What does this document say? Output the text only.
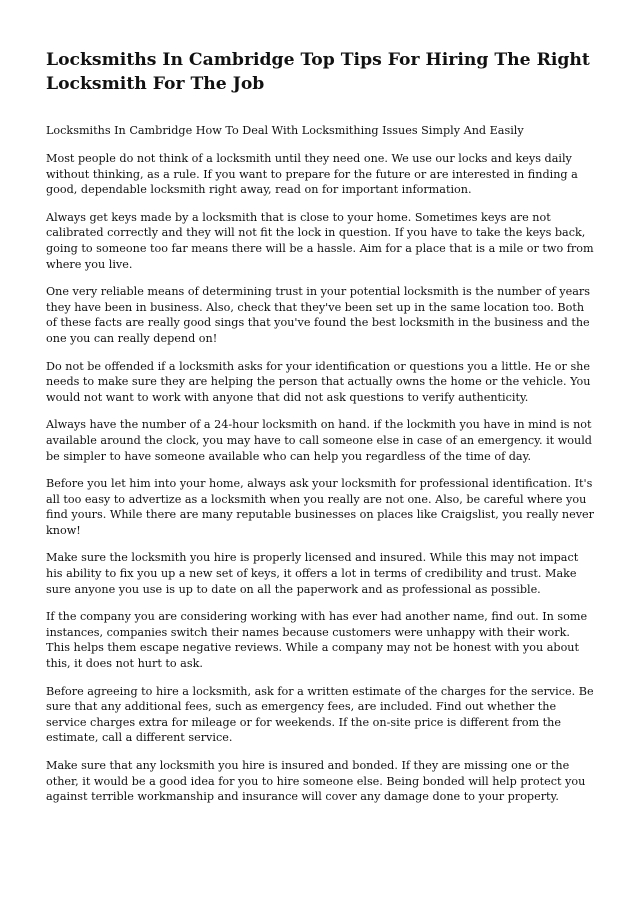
Locksmiths In Cambridge Top Tips For Hiring The Right Locksmith For The Job

Locksmiths In Cambridge How To Deal With Locksmithing Issues Simply And Easily

Most people do not think of a locksmith until they need one. We use our locks and keys daily without thinking, as a rule. If you want to prepare for the future or are interested in finding a good, dependable locksmith right away, read on for important information.

Always get keys made by a locksmith that is close to your home. Sometimes keys are not calibrated correctly and they will not fit the lock in question. If you have to take the keys back, going to someone too far means there will be a hassle. Aim for a place that is a mile or two from where you live.

One very reliable means of determining trust in your potential locksmith is the number of years they have been in business. Also, check that they've been set up in the same location too. Both of these facts are really good sings that you've found the best locksmith in the business and the one you can really depend on!

Do not be offended if a locksmith asks for your identification or questions you a little. He or she needs to make sure they are helping the person that actually owns the home or the vehicle. You would not want to work with anyone that did not ask questions to verify authenticity.

Always have the number of a 24-hour locksmith on hand. if the lockmith you have in mind is not available around the clock, you may have to call someone else in case of an emergency. it would be simpler to have someone available who can help you regardless of the time of day.

Before you let him into your home, always ask your locksmith for professional identification. It's all too easy to advertize as a locksmith when you really are not one. Also, be careful where you find yours. While there are many reputable businesses on places like Craigslist, you really never know!

Make sure the locksmith you hire is properly licensed and insured. While this may not impact his ability to fix you up a new set of keys, it offers a lot in terms of credibility and trust. Make sure anyone you use is up to date on all the paperwork and as professional as possible.

If the company you are considering working with has ever had another name, find out. In some instances, companies switch their names because customers were unhappy with their work. This helps them escape negative reviews. While a company may not be honest with you about this, it does not hurt to ask.

Before agreeing to hire a locksmith, ask for a written estimate of the charges for the service. Be sure that any additional fees, such as emergency fees, are included. Find out whether the service charges extra for mileage or for weekends. If the on-site price is different from the estimate, call a different service.

Make sure that any locksmith you hire is insured and bonded. If they are missing one or the other, it would be a good idea for you to hire someone else. Being bonded will help protect you against terrible workmanship and insurance will cover any damage done to your property.
